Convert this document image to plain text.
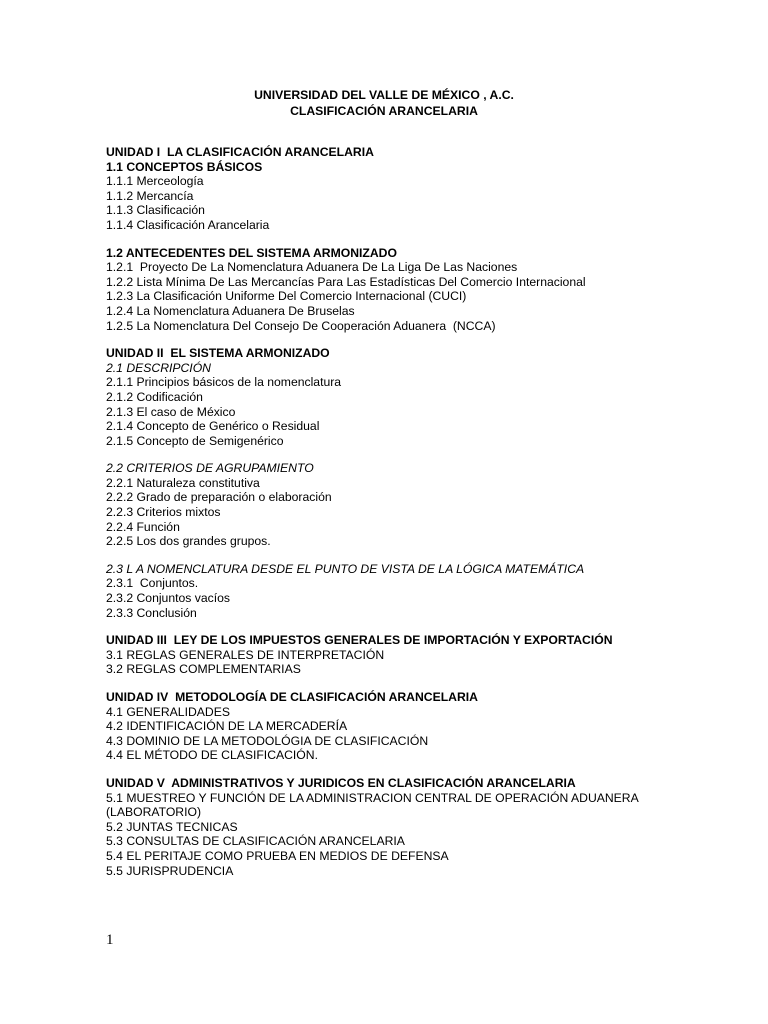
UNIVERSIDAD DEL VALLE DE MÉXICO , A.C.
CLASIFICACIÓN ARANCELARIA
UNIDAD I  LA CLASIFICACIÓN ARANCELARIA
1.1 CONCEPTOS BÁSICOS
1.1.1 Merceología
1.1.2 Mercancía
1.1.3 Clasificación
1.1.4 Clasificación Arancelaria
1.2 ANTECEDENTES DEL SISTEMA ARMONIZADO
1.2.1  Proyecto De La Nomenclatura Aduanera De La Liga De Las Naciones
1.2.2 Lista Mínima De Las Mercancías Para Las Estadísticas Del Comercio Internacional
1.2.3 La Clasificación Uniforme Del Comercio Internacional (CUCI)
1.2.4 La Nomenclatura Aduanera De Bruselas
1.2.5 La Nomenclatura Del Consejo De Cooperación Aduanera  (NCCA)
UNIDAD II  EL SISTEMA ARMONIZADO
2.1 DESCRIPCIÓN
2.1.1 Principios básicos de la nomenclatura
2.1.2 Codificación
2.1.3 El caso de México
2.1.4 Concepto de Genérico o Residual
2.1.5 Concepto de Semigenérico
2.2 CRITERIOS DE AGRUPAMIENTO
2.2.1 Naturaleza constitutiva
2.2.2 Grado de preparación o elaboración
2.2.3 Criterios mixtos
2.2.4 Función
2.2.5 Los dos grandes grupos.
2.3 L A NOMENCLATURA DESDE EL PUNTO DE VISTA DE LA LÓGICA MATEMÁTICA
2.3.1  Conjuntos.
2.3.2 Conjuntos vacíos
2.3.3 Conclusión
UNIDAD III  LEY DE LOS IMPUESTOS GENERALES DE IMPORTACIÓN Y EXPORTACIÓN
3.1 REGLAS GENERALES DE INTERPRETACIÓN
3.2 REGLAS COMPLEMENTARIAS
UNIDAD IV  METODOLOGÍA DE CLASIFICACIÓN ARANCELARIA
4.1 GENERALIDADES
4.2 IDENTIFICACIÓN DE LA MERCADERÍA
4.3 DOMINIO DE LA METODOLÓGIA DE CLASIFICACIÓN
4.4 EL MÉTODO DE CLASIFICACIÓN.
UNIDAD V  ADMINISTRATIVOS Y JURIDICOS EN CLASIFICACIÓN ARANCELARIA
5.1 MUESTREO Y FUNCIÓN DE LA ADMINISTRACION CENTRAL DE OPERACIÓN ADUANERA
(LABORATORIO)
5.2 JUNTAS TECNICAS
5.3 CONSULTAS DE CLASIFICACIÓN ARANCELARIA
5.4 EL PERITAJE COMO PRUEBA EN MEDIOS DE DEFENSA
5.5 JURISPRUDENCIA
1
